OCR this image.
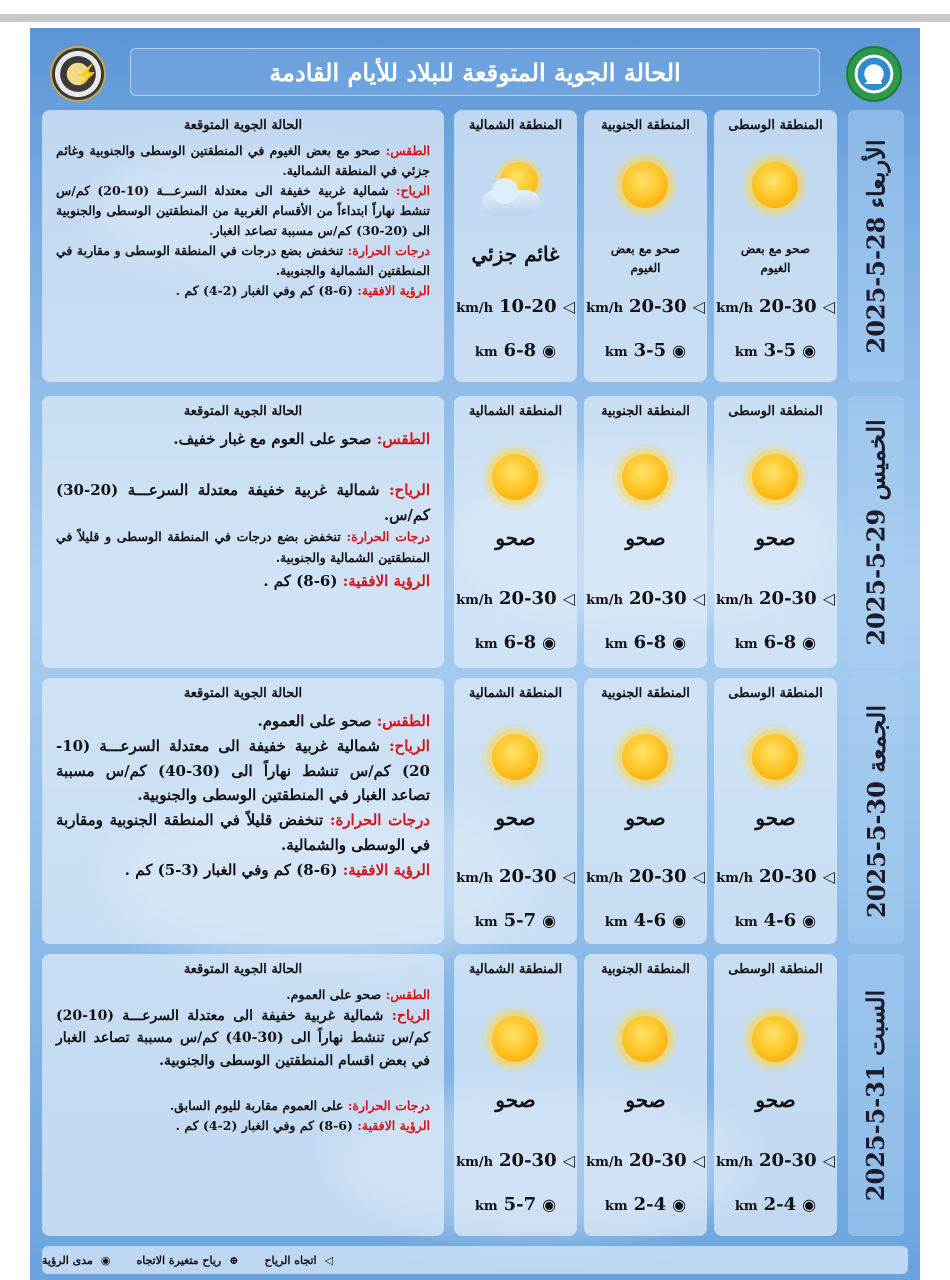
⚡	الحالة الجوية المتوقعة للبلاد للأيام القادمة	☁
الحالة الجوية المتوقعة

الطقس: صحو مع بعض الغيوم في المنطقتين الوسطى والجنوبية وغائم جزئي في المنطقة الشمالية.

الرياح: شمالية غربية خفيفة الى معتدلة السرعـــة (10-20) كم/س تنشط نهاراً ابتداءاً من الأقسام الغربية من المنطقتين الوسطى والجنوبية الى (20-30) كم/س مسببة تصاعد الغبار.

درجات الحرارة: تنخفض بضع درجات في المنطقة الوسطى و مقاربة في المنطقتين الشمالية والجنوبية.

الرؤية الافقية: (6-8) كم وفي الغبار (2-4) كم .

المنطقة الشمالية
غائم جزئي
km/h 10-20 ◁
km 6-8 ◉
المنطقة الجنوبية
صحو مع بعض الغيوم
km/h 20-30 ◁
km 3-5 ◉
المنطقة الوسطى
صحو مع بعض الغيوم
km/h 20-30 ◁
km 3-5 ◉ الأربعاء 28-5-2025
الحالة الجوية المتوقعة

الطقس: صحو على العوم مع غبار خفيف.

الرياح: شمالية غربية خفيفة معتدلة السرعـــة (20-30) كم/س.

درجات الحرارة: تنخفض بضع درجات في المنطقة الوسطى و قليلاً في المنطقتين الشمالية والجنوبية.

الرؤية الافقية: (6-8) كم .

المنطقة الشمالية
صحو
km/h 20-30 ◁
km 6-8 ◉
المنطقة الجنوبية
صحو
km/h 20-30 ◁
km 6-8 ◉
المنطقة الوسطى
صحو
km/h 20-30 ◁
km 6-8 ◉ الخميس 29-5-2025
الحالة الجوية المتوقعة

الطقس: صحو على العموم.

الرياح: شمالية غربية خفيفة الى معتدلة السرعـــة (10-20) كم/س تنشط نهاراً الى (30-40) كم/س مسببة تصاعد الغبار في المنطقتين الوسطى والجنوبية.

درجات الحرارة: تنخفض قليلاً في المنطقة الجنوبية ومقاربة في الوسطى والشمالية.

الرؤية الافقية: (6-8) كم وفي الغبار (3-5) كم .

المنطقة الشمالية
صحو
km/h 20-30 ◁
km 5-7 ◉
المنطقة الجنوبية
صحو
km/h 20-30 ◁
km 4-6 ◉
المنطقة الوسطى
صحو
km/h 20-30 ◁
km 4-6 ◉
الجمعة 30-5-2025
الحالة الجوية المتوقعة

الطقس: صحو على العموم.

الرياح: شمالية غربية خفيفة الى معتدلة السرعـــة (10-20) كم/س تنشط نهاراً الى (30-40) كم/س مسببة تصاعد الغبار في بعض اقسام المنطقتين الوسطى والجنوبية.

درجات الحرارة: على العموم مقاربة لليوم السابق.

الرؤية الافقية: (6-8) كم وفي الغبار (2-4) كم .

المنطقة الشمالية
صحو
km/h 20-30 ◁
km 5-7 ◉
المنطقة الجنوبية
صحو
km/h 20-30 ◁
km 2-4 ◉
المنطقة الوسطى
صحو
km/h 20-30 ◁
km 2-4 ◉
السبت 31-5-2025
◁
اتجاه الرياح
⊕
رياح متغيرة الاتجاه
◉
مدى الرؤية
